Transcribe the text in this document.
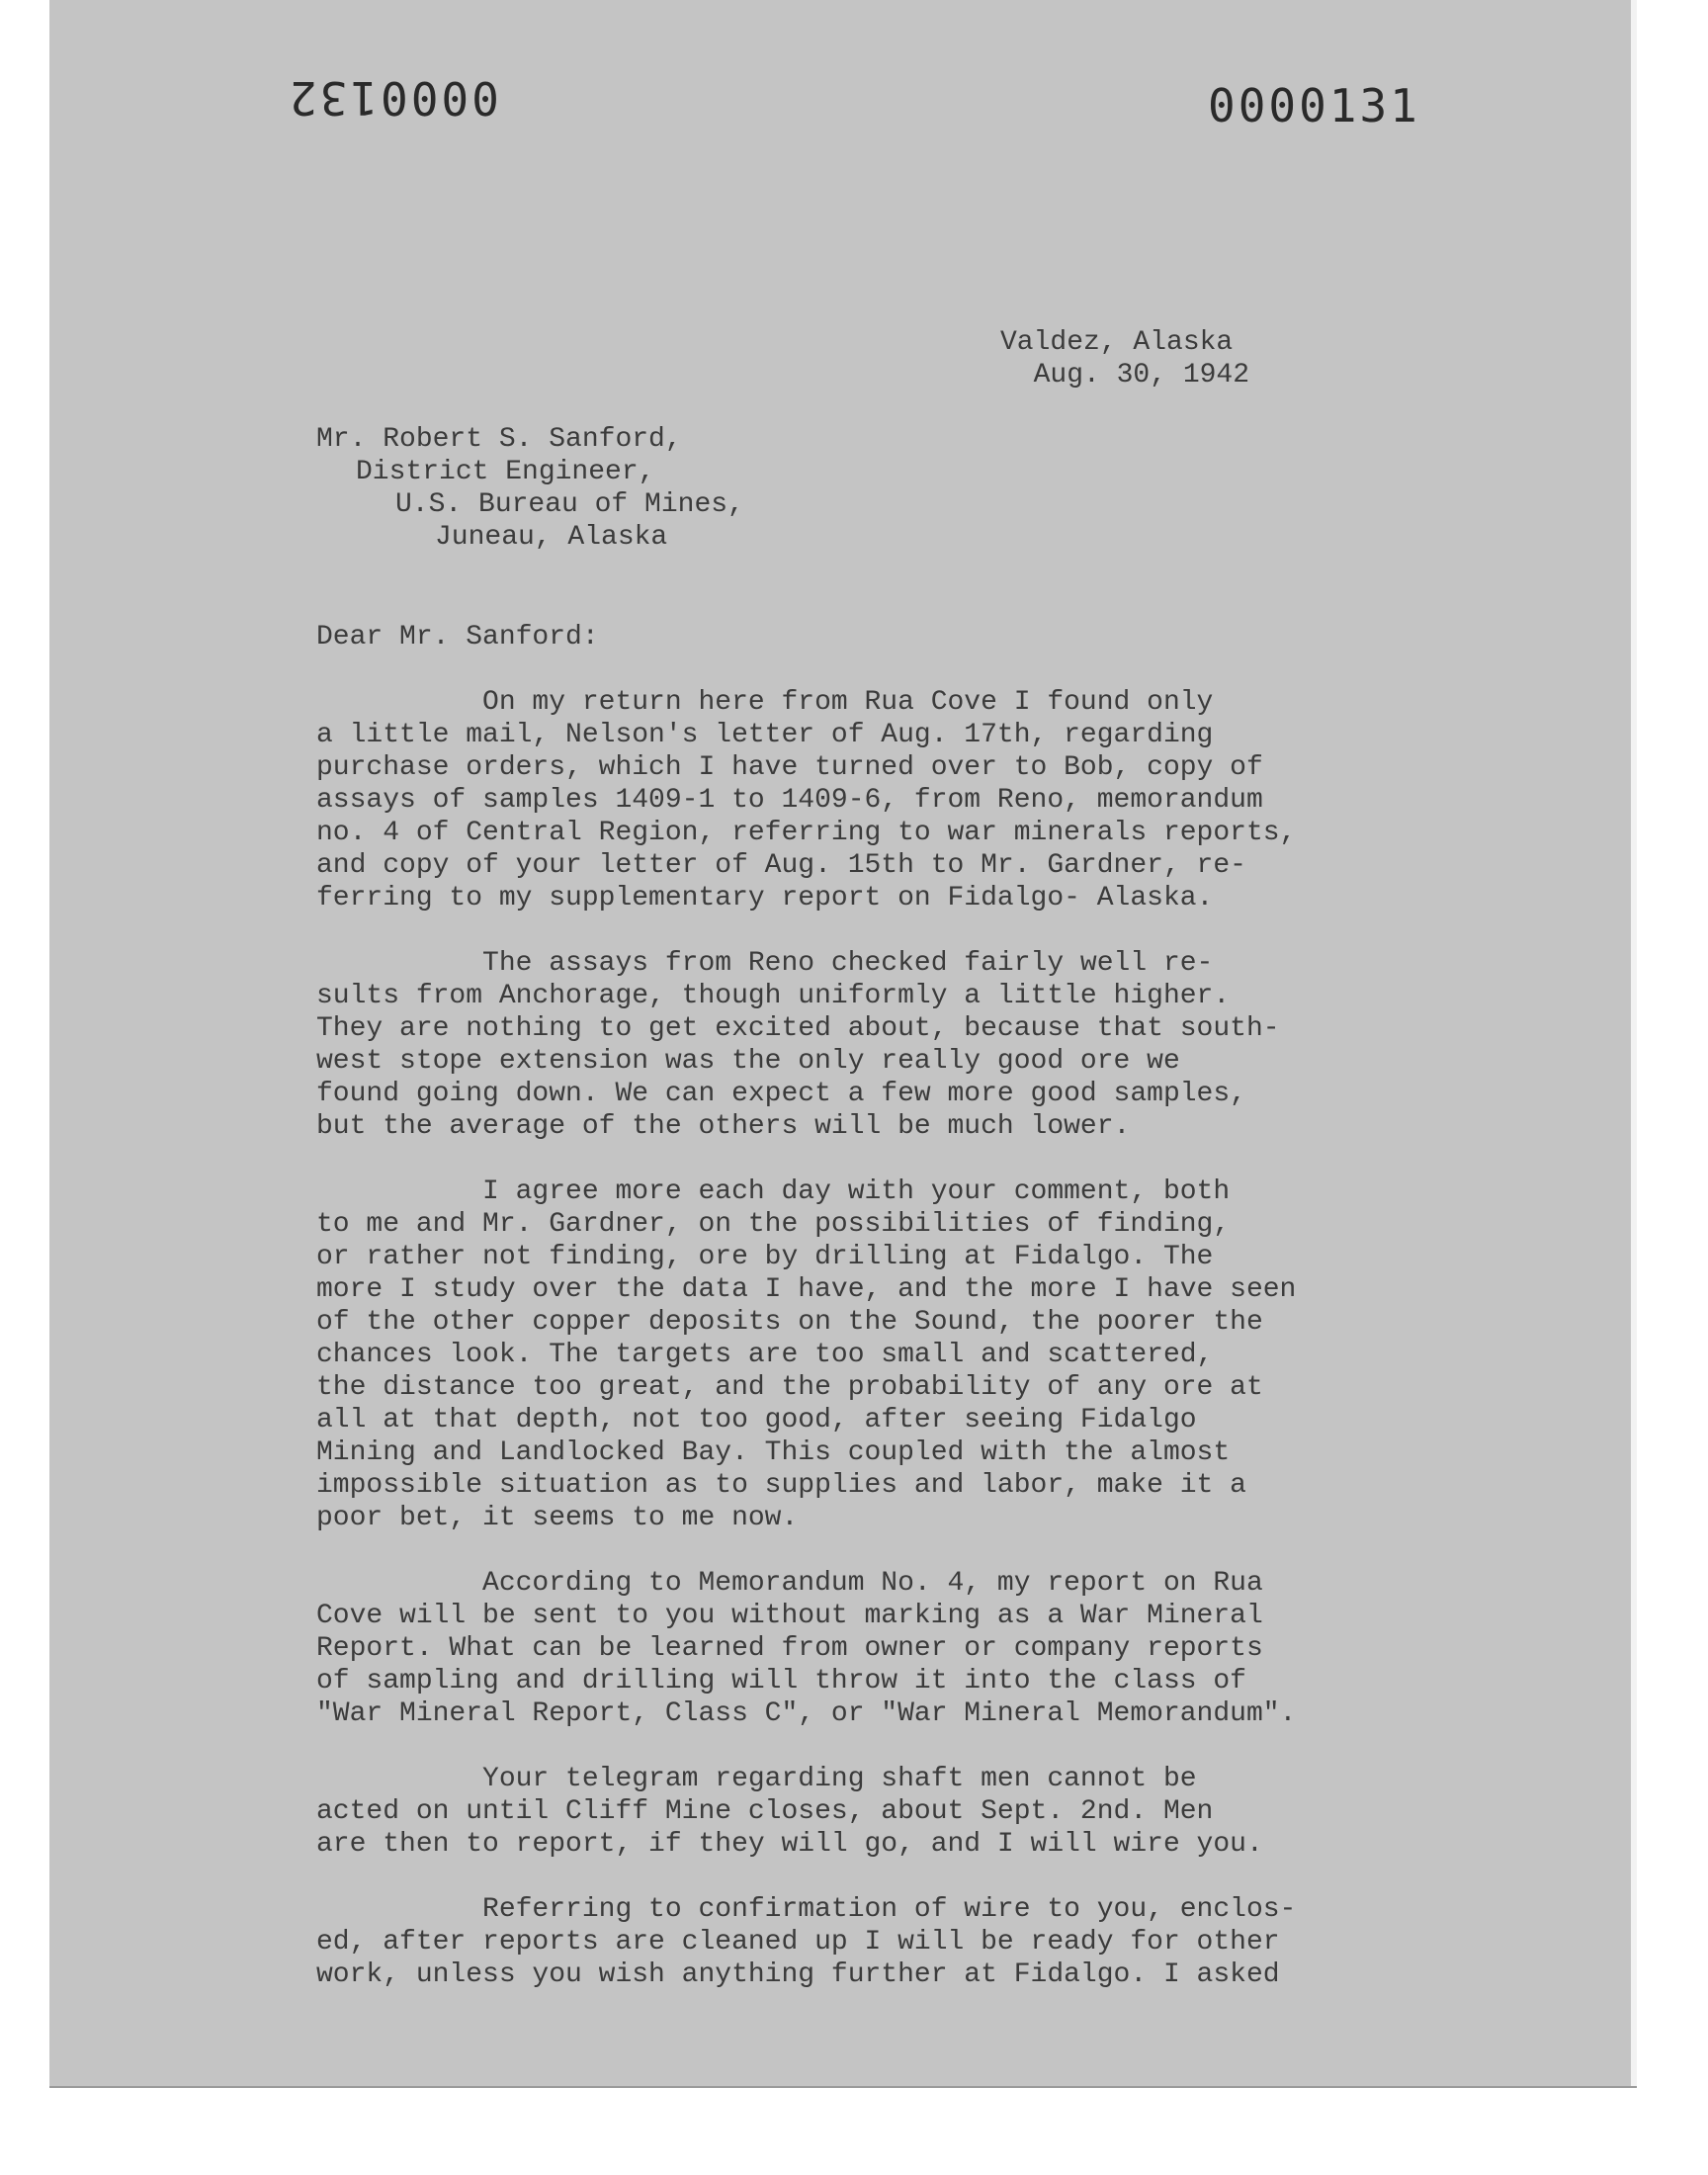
0000132	0000131
Valdez, Alaska
Aug. 30, 1942
Mr. Robert S. Sanford,
District Engineer,
U.S. Bureau of Mines,
Juneau, Alaska
Dear Mr. Sanford:
On my return here from Rua Cove I found only
a little mail, Nelson's letter of Aug. 17th, regarding
purchase orders, which I have turned over to Bob, copy of
assays of samples 1409-1 to 1409-6, from Reno, memorandum
no. 4 of Central Region, referring to war minerals reports,
and copy of your letter of Aug. 15th to Mr. Gardner, re-
ferring to my supplementary report on Fidalgo- Alaska.
The assays from Reno checked fairly well re-
sults from Anchorage, though uniformly a little higher.
They are nothing to get excited about, because that south-
west stope extension was the only really good ore we
found going down. We can expect a few more good samples,
but the average of the others will be much lower.
I agree more each day with your comment, both
to me and Mr. Gardner, on the possibilities of finding,
or rather not finding, ore by drilling at Fidalgo. The
more I study over the data I have, and the more I have seen
of the other copper deposits on the Sound, the poorer the
chances look. The targets are too small and scattered,
the distance too great, and the probability of any ore at
all at that depth, not too good, after seeing Fidalgo
Mining and Landlocked Bay. This coupled with the almost
impossible situation as to supplies and labor, make it a
poor bet, it seems to me now.
According to Memorandum No. 4, my report on Rua
Cove will be sent to you without marking as a War Mineral
Report. What can be learned from owner or company reports
of sampling and drilling will throw it into the class of
"War Mineral Report, Class C", or "War Mineral Memorandum".
Your telegram regarding shaft men cannot be
acted on until Cliff Mine closes, about Sept. 2nd. Men
are then to report, if they will go, and I will wire you.
Referring to confirmation of wire to you, enclos-
ed, after reports are cleaned up I will be ready for other
work, unless you wish anything further at Fidalgo. I asked
